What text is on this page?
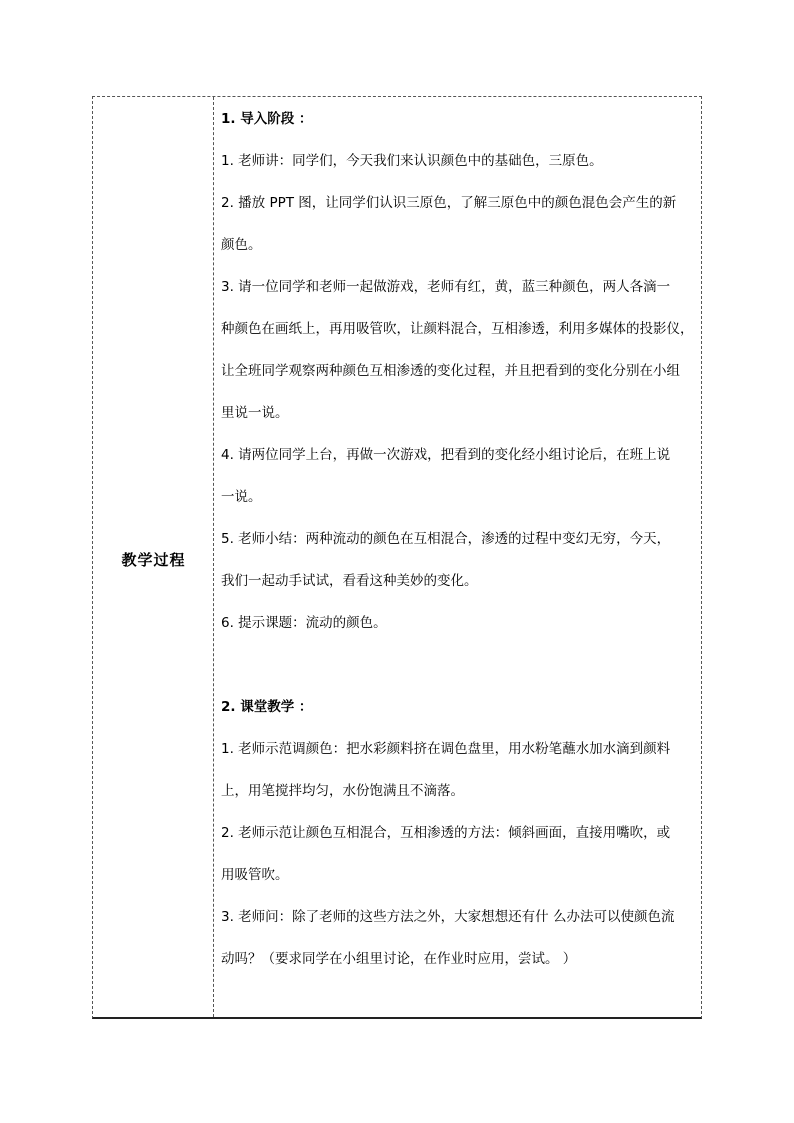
教学过程
1. 导入阶段 ：
1. 老师讲：同学们，今天我们来认识颜色中的基础色，三原色。
2. 播放 PPT 图，让同学们认识三原色，了解三原色中的颜色混色会产生的新
颜色。
3. 请一位同学和老师一起做游戏，老师有红，黄，蓝三种颜色，两人各滴一
种颜色在画纸上，再用吸管吹，让颜料混合，互相渗透，利用多媒体的投影仪，
让全班同学观察两种颜色互相渗透的变化过程，并且把看到的变化分别在小组
里说一说。
4. 请两位同学上台，再做一次游戏，把看到的变化经小组讨论后，在班上说
一说。
5. 老师小结：两种流动的颜色在互相混合，渗透的过程中变幻无穷，今天，
我们一起动手试试，看看这种美妙的变化。
6. 提示课题：流动的颜色。
2. 课堂教学 ：
1. 老师示范调颜色：把水彩颜料挤在调色盘里，用水粉笔蘸水加水滴到颜料
上，用笔搅拌均匀，水份饱满且不滴落。
2. 老师示范让颜色互相混合，互相渗透的方法：倾斜画面，直接用嘴吹，或
用吸管吹。
3. 老师问：除了老师的这些方法之外，大家想想还有什 么办法可以使颜色流
动吗？（要求同学在小组里讨论，在作业时应用，尝试。 ）
